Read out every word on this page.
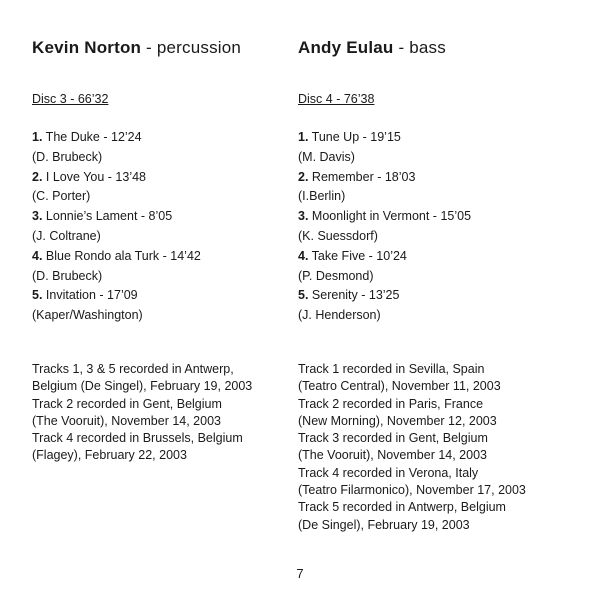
Kevin Norton - percussion
Disc 3 - 66’32
1. The Duke - 12’24
(D. Brubeck)
2. I Love You - 13’48
(C. Porter)
3. Lonnie’s Lament - 8’05
(J. Coltrane)
4. Blue Rondo ala Turk - 14’42
(D. Brubeck)
5. Invitation - 17’09
(Kaper/Washington)
Tracks 1, 3 & 5 recorded in Antwerp,
Belgium (De Singel), February 19, 2003
Track 2 recorded in Gent, Belgium
(The Vooruit), November 14, 2003
Track 4 recorded in Brussels, Belgium
(Flagey), February 22, 2003
Andy Eulau - bass
Disc 4 - 76’38
1. Tune Up - 19’15
(M. Davis)
2. Remember - 18’03
(I.Berlin)
3. Moonlight in Vermont - 15’05
(K. Suessdorf)
4. Take Five - 10’24
(P. Desmond)
5. Serenity - 13’25
(J. Henderson)
Track 1 recorded in Sevilla, Spain
(Teatro Central), November 11, 2003
Track 2 recorded in Paris, France
(New Morning), November 12, 2003
Track 3 recorded in Gent, Belgium
(The Vooruit), November 14, 2003
Track 4 recorded in Verona, Italy
(Teatro Filarmonico), November 17, 2003
Track 5 recorded in Antwerp, Belgium
(De Singel), February 19, 2003
7
